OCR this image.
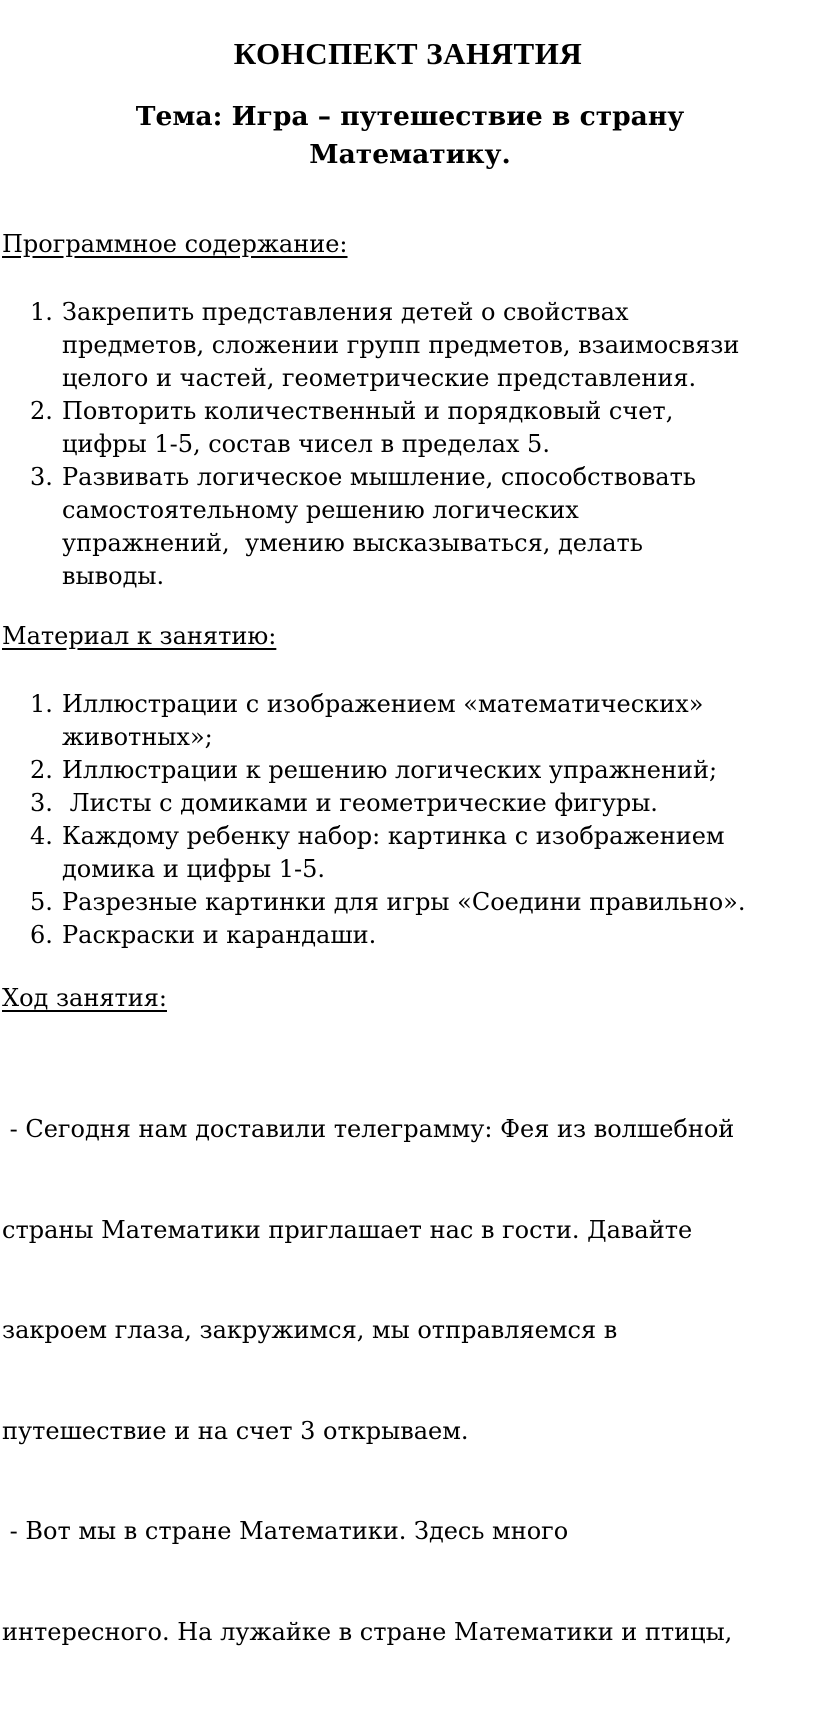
КОНСПЕКТ ЗАНЯТИЯ
Тема: Игра – путешествие в страну
Математику.
Программное содержание:
1. Закрепить представления детей о свойствах
предметов, сложении групп предметов, взаимосвязи
целого и частей, геометрические представления.
2. Повторить количественный и порядковый счет,
цифры 1-5, состав чисел в пределах 5.
3. Развивать логическое мышление, способствовать
самостоятельному решению логических
упражнений,  умению высказываться, делать
выводы.
Материал к занятию:
1. Иллюстрации с изображением «математических»
животных»;
2. Иллюстрации к решению логических упражнений;
3. Листы с домиками и геометрические фигуры.
4. Каждому ребенку набор: картинка с изображением
домика и цифры 1-5.
5. Разрезные картинки для игры «Соедини правильно».
6. Раскраски и карандаши.
Ход занятия:

- Сегодня нам доставили телеграмму: Фея из волшебной

страны Математики приглашает нас в гости. Давайте

закроем глаза, закружимся, мы отправляемся в

путешествие и на счет 3 открываем.

- Вот мы в стране Математики. Здесь много

интересного. На лужайке в стране Математики и птицы,
